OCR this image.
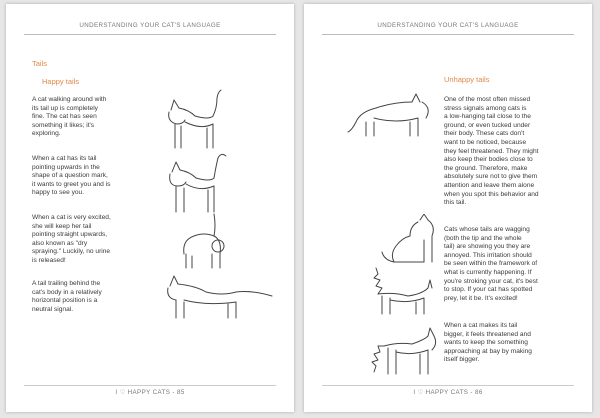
UNDERSTANDING YOUR CAT'S LANGUAGE
Tails
Happy tails
A cat walking around with
its tail up is completely
fine. The cat has seen
something it likes; it's
exploring.
When a cat has its tail
pointing upwards in the
shape of a question mark,
it wants to greet you and is
happy to see you.
When a cat is very excited,
she will keep her tail
pointing straight upwards,
also known as "dry
spraying." Luckily, no urine
is released!
A tail trailing behind the
cat's body in a relatively
horizontal position is a
neutral signal.
I ♡ HAPPY CATS - 85
UNDERSTANDING YOUR CAT'S LANGUAGE
Unhappy tails
One of the most often missed
stress signals among cats is
a low-hanging tail close to the
ground, or even tucked under
their body. These cats don't
want to be noticed, because
they feel threatened. They might
also keep their bodies close to
the ground. Therefore, make
absolutely sure not to give them
attention and leave them alone
when you spot this behavior and
this tail.
Cats whose tails are wagging
(both the tip and the whole
tail) are showing you they are
annoyed. This irritation should
be seen within the framework of
what is currently happening. If
you're stroking your cat, it's best
to stop. If your cat has spotted
prey, let it be. It's excited!
When a cat makes its tail
bigger, it feels threatened and
wants to keep the something
approaching at bay by making
itself bigger.
I ♡ HAPPY CATS - 86
